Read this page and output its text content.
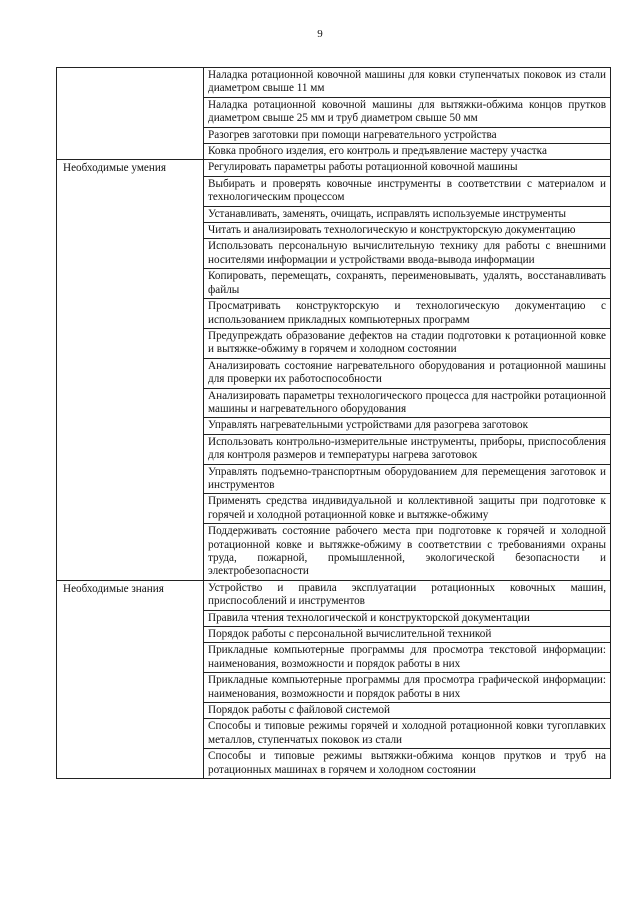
9
	Наладка ротационной ковочной машины для ковки ступенчатых поковок из стали диаметром свыше 11 мм
	Наладка ротационной ковочной машины для вытяжки-обжима концов прутков диаметром свыше 25 мм и труб диаметром свыше 50 мм
	Разогрев заготовки при помощи нагревательного устройства
	Ковка пробного изделия, его контроль и предъявление мастеру участка
Необходимые умения	Регулировать параметры работы ротационной ковочной машины
	Выбирать и проверять ковочные инструменты в соответствии с материалом и технологическим процессом
	Устанавливать, заменять, очищать, исправлять используемые инструменты
	Читать и анализировать технологическую и конструкторскую документацию
	Использовать персональную вычислительную технику для работы с внешними носителями информации и устройствами ввода-вывода информации
	Копировать, перемещать, сохранять, переименовывать, удалять, восстанавливать файлы
	Просматривать конструкторскую и технологическую документацию с использованием прикладных компьютерных программ
	Предупреждать образование дефектов на стадии подготовки к ротационной ковке и вытяжке-обжиму в горячем и холодном состоянии
	Анализировать состояние нагревательного оборудования и ротационной машины для проверки их работоспособности
	Анализировать параметры технологического процесса для настройки ротационной машины и нагревательного оборудования
	Управлять нагревательными устройствами для разогрева заготовок
	Использовать контрольно-измерительные инструменты, приборы, приспособления для контроля размеров и температуры нагрева заготовок
	Управлять подъемно-транспортным оборудованием для перемещения заготовок и инструментов
	Применять средства индивидуальной и коллективной защиты при подготовке к горячей и холодной ротационной ковке и вытяжке-обжиму
	Поддерживать состояние рабочего места при подготовке к горячей и холодной ротационной ковке и вытяжке-обжиму в соответствии с требованиями охраны труда, пожарной, промышленной, экологической безопасности и электробезопасности
Необходимые знания	Устройство и правила эксплуатации ротационных ковочных машин, приспособлений и инструментов
	Правила чтения технологической и конструкторской документации
	Порядок работы с персональной вычислительной техникой
	Прикладные компьютерные программы для просмотра текстовой информации: наименования, возможности и порядок работы в них
	Прикладные компьютерные программы для просмотра графической информации: наименования, возможности и порядок работы в них
	Порядок работы с файловой системой
	Способы и типовые режимы горячей и холодной ротационной ковки тугоплавких металлов, ступенчатых поковок из стали
	Способы и типовые режимы вытяжки-обжима концов прутков и труб на ротационных машинах в горячем и холодном состоянии
